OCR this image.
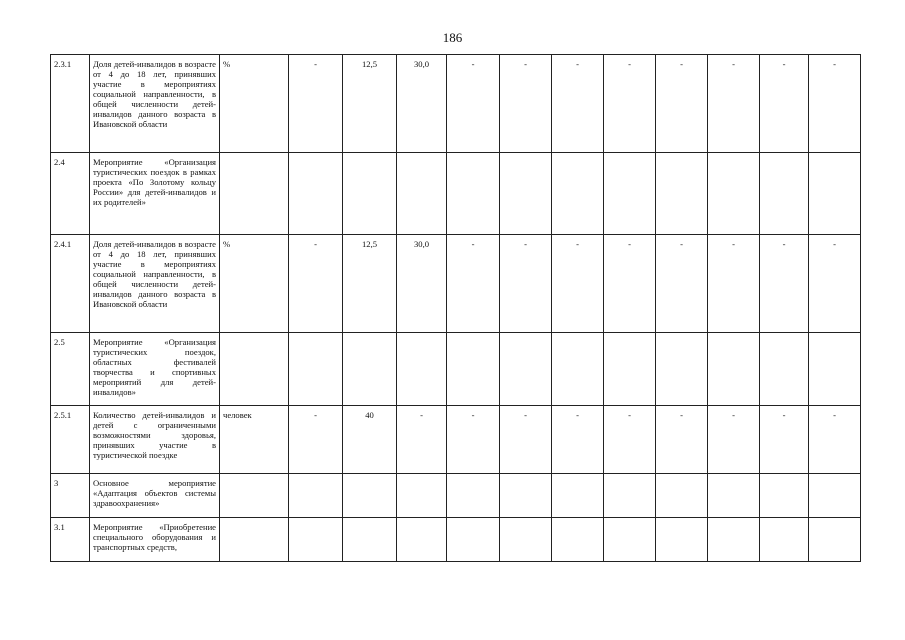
186
2.3.1	Доля детей-инвалидов в возрасте от 4 до 18 лет, принявших участие в мероприятиях социальной направленности, в общей численности детей-инвалидов данного возраста в Ивановской области	%	-	12,5	30,0	-	-	-	-	-	-	-	-
2.4	Мероприятие «Организация туристических поездок в рамках проекта «По Золотому кольцу России» для детей-инвалидов и их родителей»												
2.4.1	Доля детей-инвалидов в возрасте от 4 до 18 лет, принявших участие в мероприятиях социальной направленности, в общей численности детей-инвалидов данного возраста в Ивановской области	%	-	12,5	30,0	-	-	-	-	-	-	-	-
2.5	Мероприятие «Организация туристических поездок, областных фестивалей творчества и спортивных мероприятий для детей-инвалидов»												
2.5.1	Количество детей-инвалидов и детей с ограниченными возможностями здоровья, принявших участие в туристической поездке	человек	-	40	-	-	-	-	-	-	-	-	-
3	Основное мероприятие «Адаптация объектов системы здравоохранения»												
3.1	Мероприятие «Приобретение специального оборудования и транспортных средств,												
